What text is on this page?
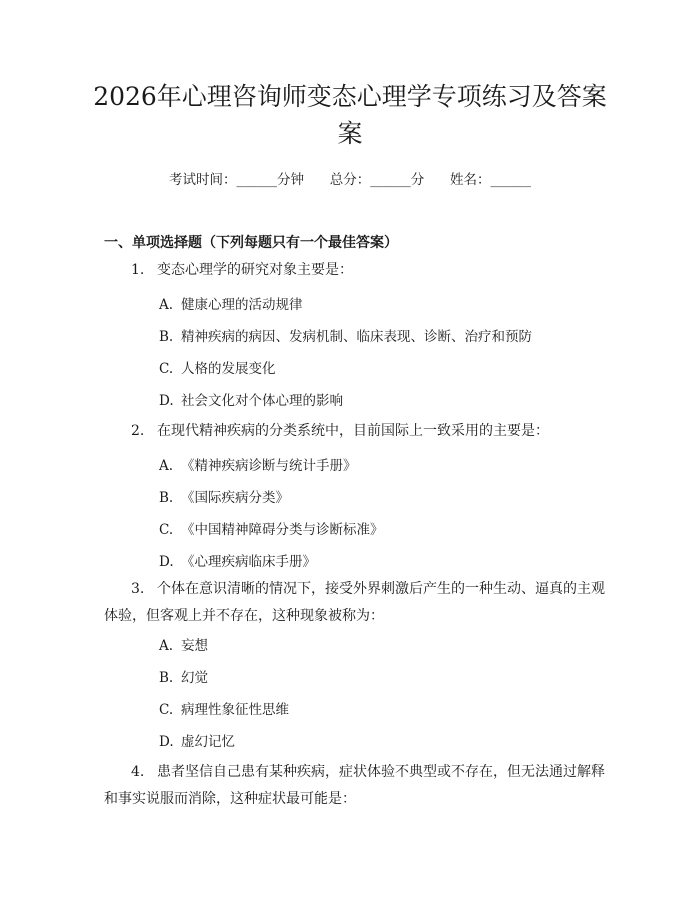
2026年心理咨询师变态心理学专项练习及答案
案
考试时间：______分钟 总分：______分 姓名：______
一、单项选择题（下列每题只有一个最佳答案）
1. 变态心理学的研究对象主要是：
A. 健康心理的活动规律
B. 精神疾病的病因、发病机制、临床表现、诊断、治疗和预防
C. 人格的发展变化
D. 社会文化对个体心理的影响
2. 在现代精神疾病的分类系统中，目前国际上一致采用的主要是：
A. 《精神疾病诊断与统计手册》
B. 《国际疾病分类》
C. 《中国精神障碍分类与诊断标准》
D. 《心理疾病临床手册》
3. 个体在意识清晰的情况下，接受外界刺激后产生的一种生动、逼真的主观
体验，但客观上并不存在，这种现象被称为：
A. 妄想
B. 幻觉
C. 病理性象征性思维
D. 虚幻记忆
4. 患者坚信自己患有某种疾病，症状体验不典型或不存在，但无法通过解释
和事实说服而消除，这种症状最可能是：
